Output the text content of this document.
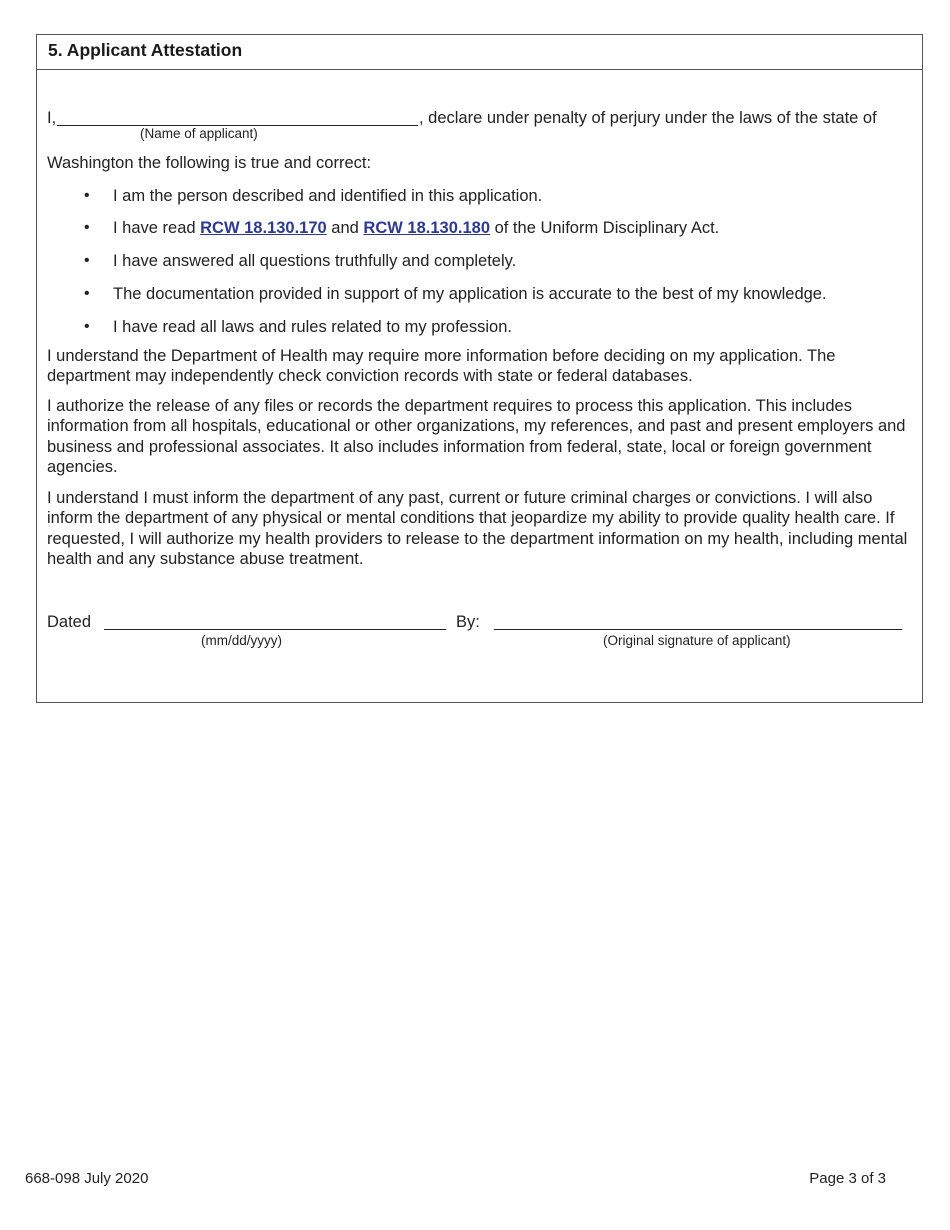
5. Applicant Attestation
I,	, declare under penalty of perjury under the laws of the state of
(Name of applicant)
Washington the following is true and correct:
• I am the person described and identified in this application.
• I have read RCW 18.130.170 and RCW 18.130.180 of the Uniform Disciplinary Act.
• I have answered all questions truthfully and completely.
• The documentation provided in support of my application is accurate to the best of my knowledge.
• I have read all laws and rules related to my profession.

I understand the Department of Health may require more information before deciding on my application. The department may independently check conviction records with state or federal databases.

I authorize the release of any files or records the department requires to process this application. This includes information from all hospitals, educational or other organizations, my references, and past and present employers and business and professional associates. It also includes information from federal, state, local or foreign government agencies.

I understand I must inform the department of any past, current or future criminal charges or convictions. I will also inform the department of any physical or mental conditions that jeopardize my ability to provide quality health care. If requested, I will authorize my health providers to release to the department information on my health, including mental health and any substance abuse treatment.

Dated
(mm/dd/yyyy)
By:
(Original signature of applicant)
668-098 July 2020	Page 3 of 3
